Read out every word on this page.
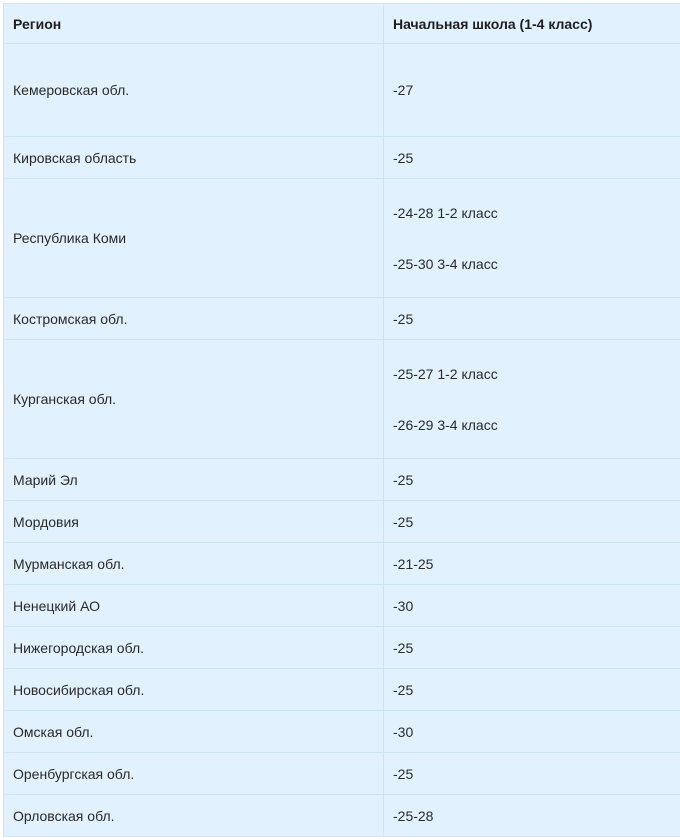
Регион	Начальная школа (1-4 класс)
Кемеровская обл.	-27
Кировская область	-25
Республика Коми	-24-28 1-2 класс
-25-30 3-4 класс

Костромская обл.	-25
Курганская обл.	-25-27 1-2 класс
-26-29 3-4 класс

Марий Эл	-25
Мордовия	-25
Мурманская обл.	-21-25
Ненецкий АО	-30
Нижегородская обл.	-25
Новосибирская обл.	-25
Омская обл.	-30
Оренбургская обл.	-25
Орловская обл.	-25-28
